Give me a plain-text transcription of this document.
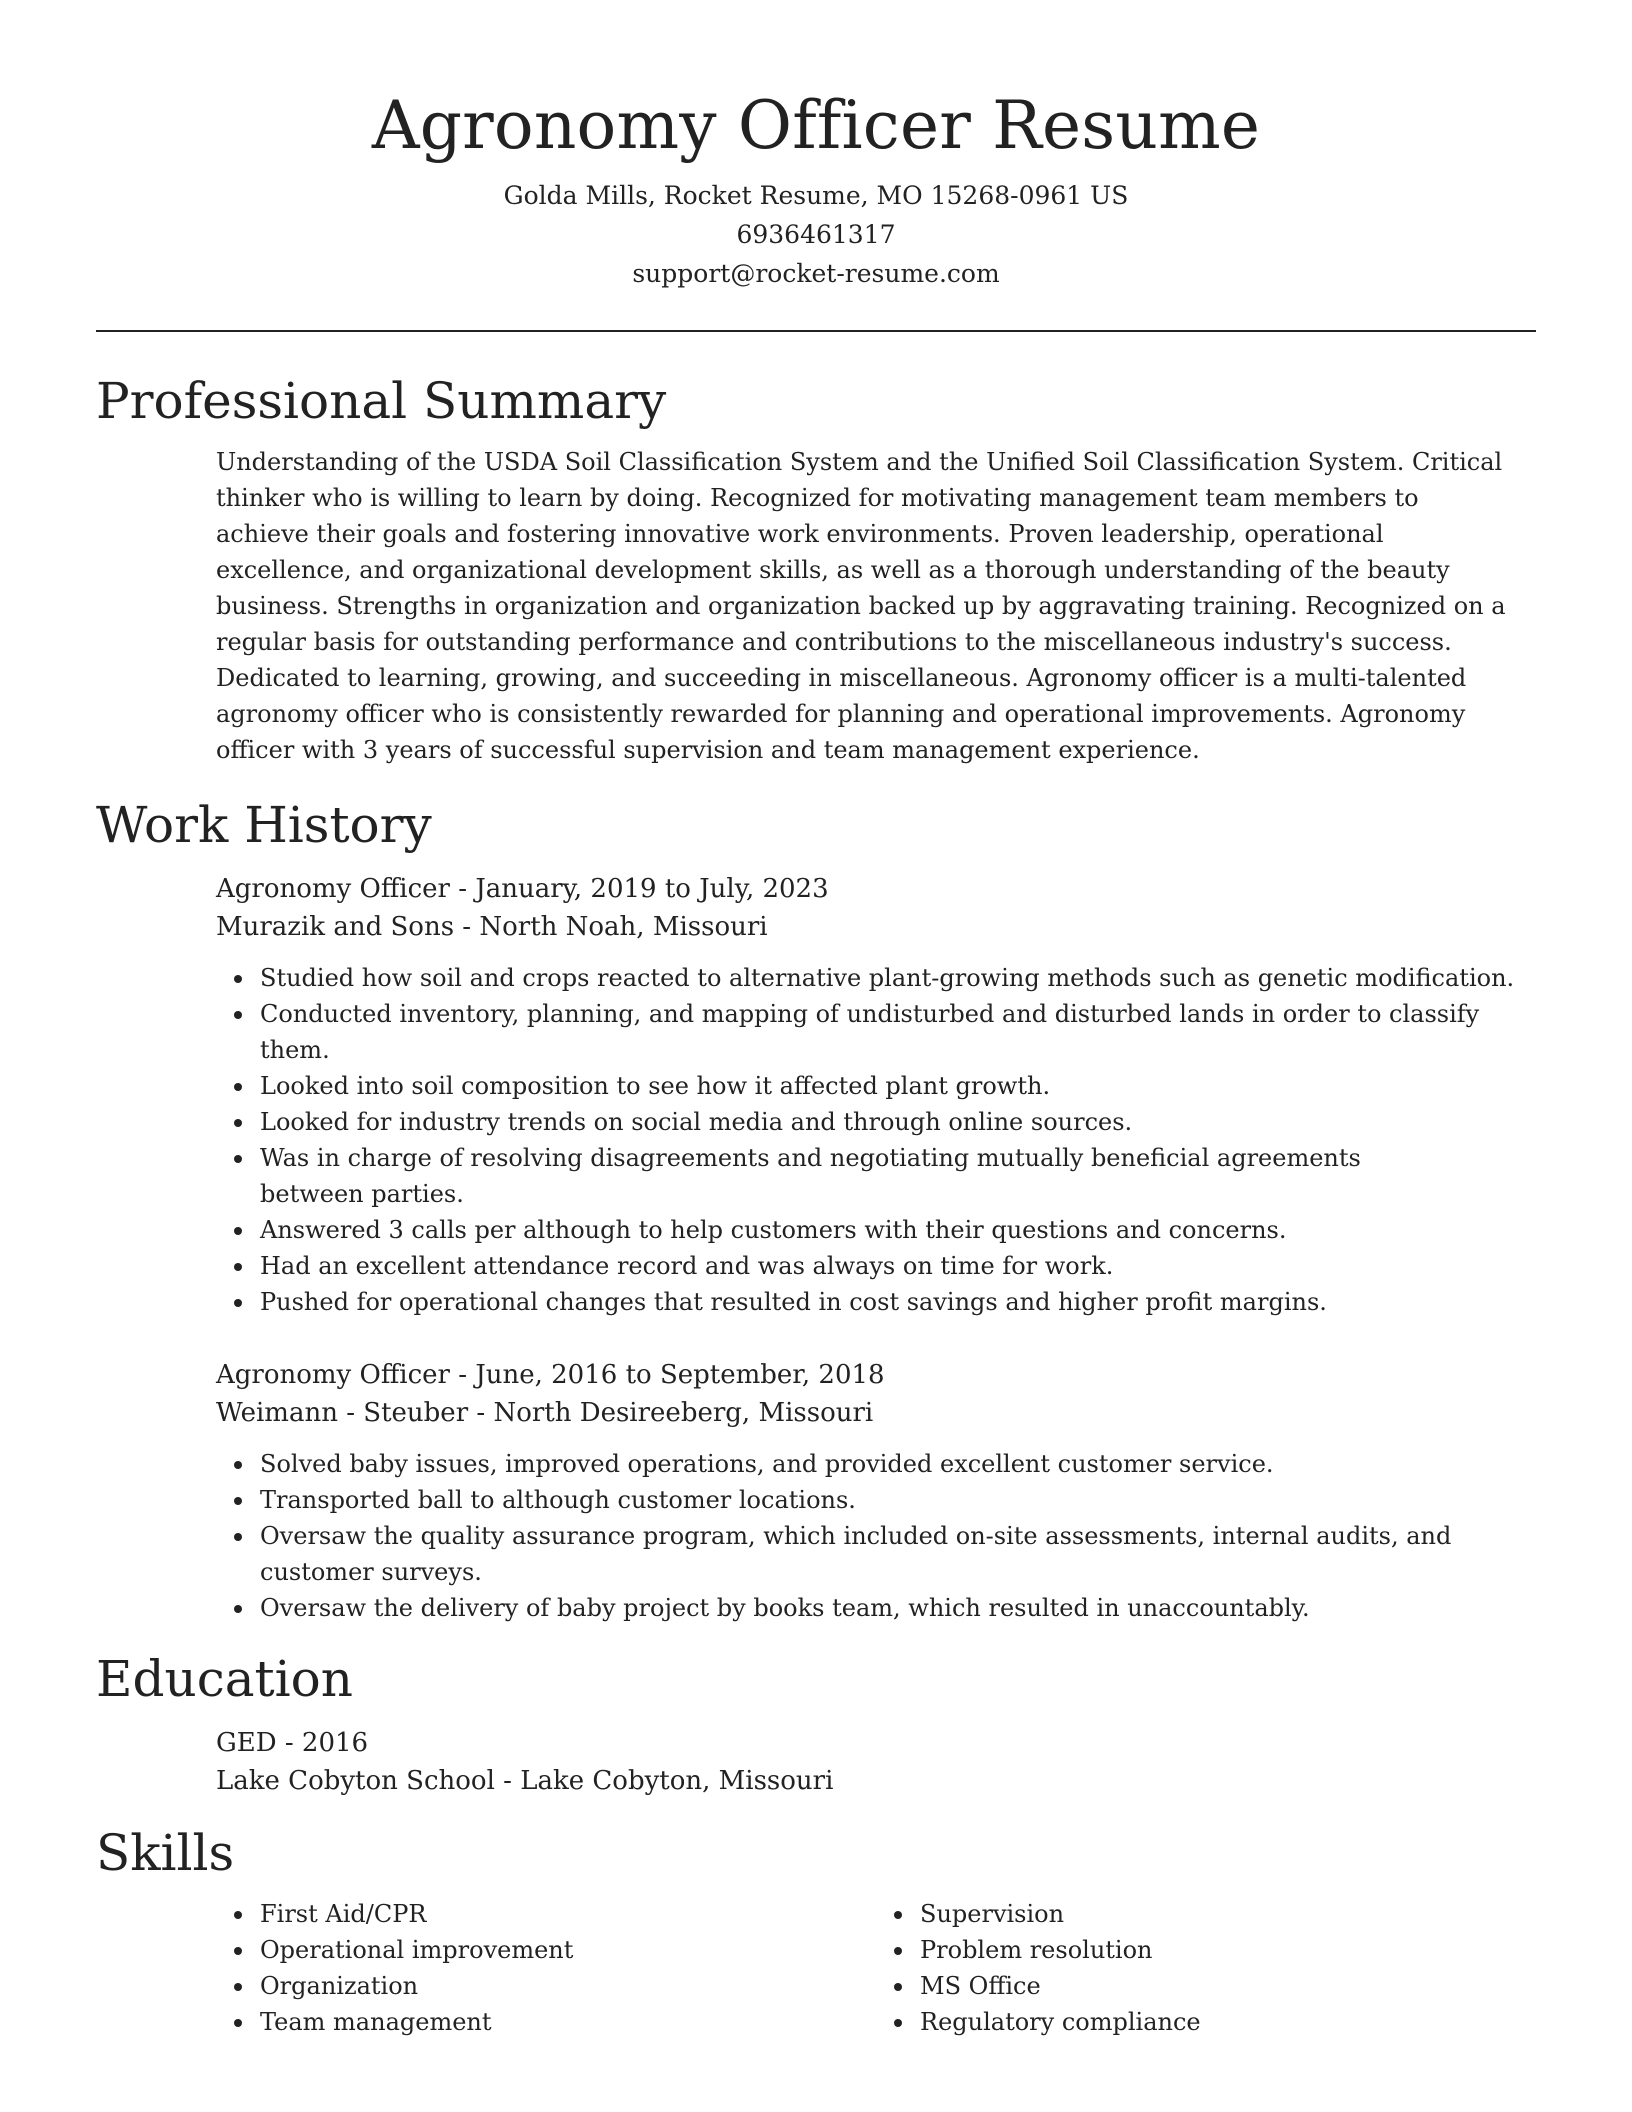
Agronomy Officer Resume

Golda Mills, Rocket Resume, MO 15268-0961 US

6936461317

support@rocket-resume.com

Professional Summary

Understanding of the USDA Soil Classification System and the Unified Soil Classification System. Critical thinker who is willing to learn by doing. Recognized for motivating management team members to achieve their goals and fostering innovative work environments. Proven leadership, operational excellence, and organizational development skills, as well as a thorough understanding of the beauty business. Strengths in organization and organization backed up by aggravating training. Recognized on a regular basis for outstanding performance and contributions to the miscellaneous industry's success. Dedicated to learning, growing, and succeeding in miscellaneous. Agronomy officer is a multi-talented agronomy officer who is consistently rewarded for planning and operational improvements. Agronomy officer with 3 years of successful supervision and team management experience.

Work History

Agronomy Officer - January, 2019 to July, 2023

Murazik and Sons - North Noah, Missouri

Studied how soil and crops reacted to alternative plant-growing methods such as genetic modification.
Conducted inventory, planning, and mapping of undisturbed and disturbed lands in order to classify them.
Looked into soil composition to see how it affected plant growth.
Looked for industry trends on social media and through online sources.
Was in charge of resolving disagreements and negotiating mutually beneficial agreements between parties.
Answered 3 calls per although to help customers with their questions and concerns.
Had an excellent attendance record and was always on time for work.
Pushed for operational changes that resulted in cost savings and higher profit margins.

Agronomy Officer - June, 2016 to September, 2018

Weimann - Steuber - North Desireeberg, Missouri

Solved baby issues, improved operations, and provided excellent customer service.
Transported ball to although customer locations.
Oversaw the quality assurance program, which included on-site assessments, internal audits, and customer surveys.
Oversaw the delivery of baby project by books team, which resulted in unaccountably.
Education

GED - 2016

Lake Cobyton School - Lake Cobyton, Missouri

Skills
First Aid/CPR
Operational improvement
Organization
Team management
Supervision
Problem resolution
MS Office
Regulatory compliance
